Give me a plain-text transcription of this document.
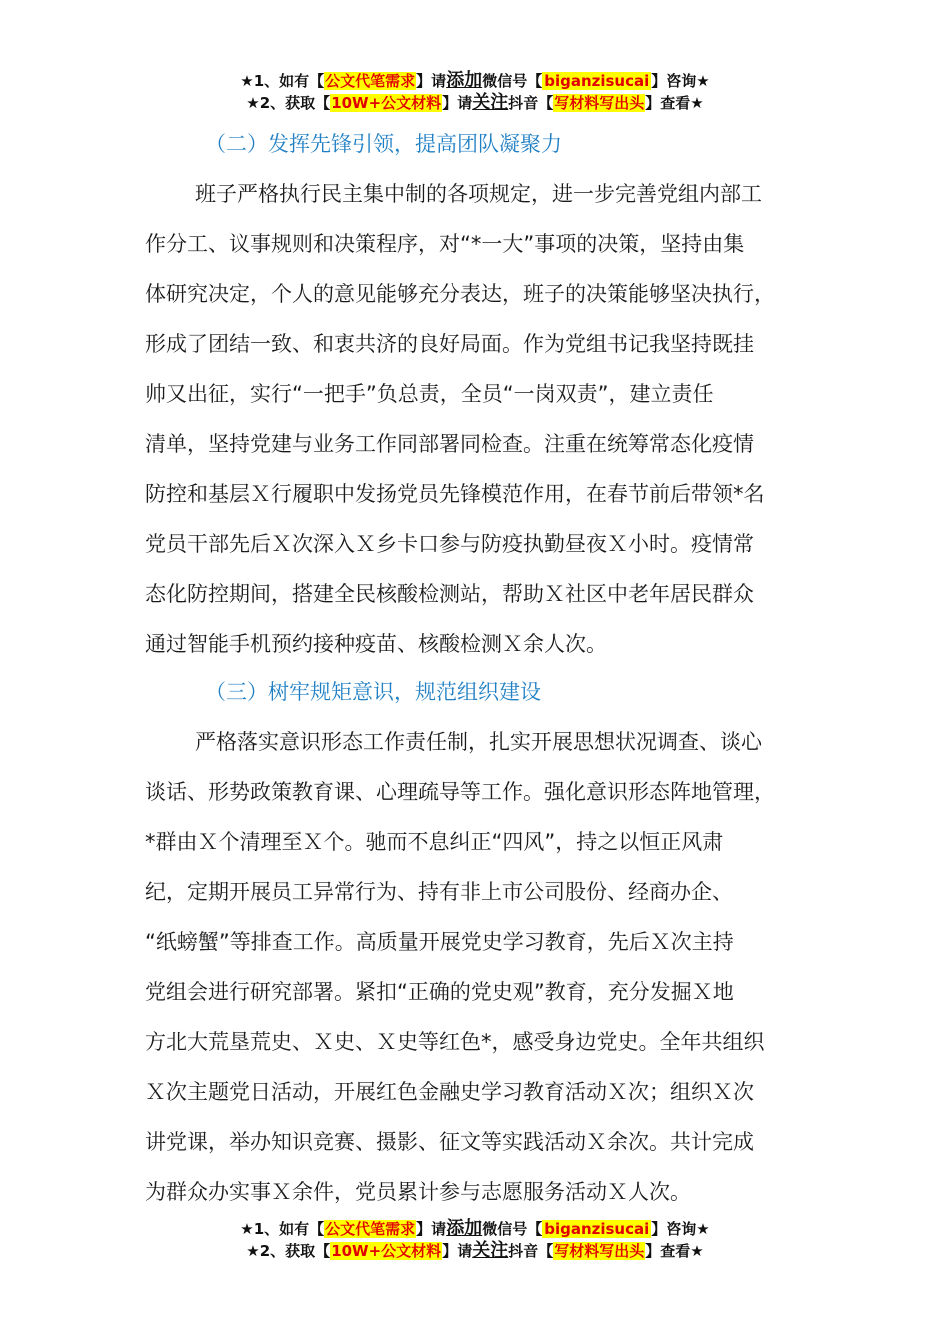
★1、如有【公文代笔需求】请添加微信号【 biganzisucai 】咨询★
★2、获取【10W+公文材料】请关注抖音【写材料写出头】查看★
（二）发挥先锋引领，提高团队凝聚力
班子严格执行民主集中制的各项规定，进一步完善党组内部工
作分工、议事规则和决策程序，对“*一大”事项的决策，坚持由集
体研究决定，个人的意见能够充分表达，班子的决策能够坚决执行，
形成了团结一致、和衷共济的良好局面。作为党组书记我坚持既挂
帅又出征，实行“一把手”负总责，全员“一岗双责”，建立责任
清单，坚持党建与业务工作同部署同检查。注重在统筹常态化疫情
防控和基层Ｘ行履职中发扬党员先锋模范作用，在春节前后带领*名
党员干部先后Ｘ次深入Ｘ乡卡口参与防疫执勤昼夜Ｘ小时。疫情常
态化防控期间，搭建全民核酸检测站，帮助Ｘ社区中老年居民群众
通过智能手机预约接种疫苗、核酸检测Ｘ余人次。
（三）树牢规矩意识，规范组织建设
严格落实意识形态工作责任制，扎实开展思想状况调查、谈心
谈话、形势政策教育课、心理疏导等工作。强化意识形态阵地管理，
*群由Ｘ个清理至Ｘ个。驰而不息纠正“四风”，持之以恒正风肃
纪，定期开展员工异常行为、持有非上市公司股份、经商办企、
“纸螃蟹”等排查工作。高质量开展党史学习教育，先后Ｘ次主持
党组会进行研究部署。紧扣“正确的党史观”教育，充分发掘Ｘ地
方北大荒垦荒史、Ｘ史、Ｘ史等红色*，感受身边党史。全年共组织
Ｘ次主题党日活动，开展红色金融史学习教育活动Ｘ次；组织Ｘ次
讲党课，举办知识竞赛、摄影、征文等实践活动Ｘ余次。共计完成
为群众办实事Ｘ余件，党员累计参与志愿服务活动Ｘ人次。
★1、如有【公文代笔需求】请添加微信号【 biganzisucai 】咨询★
★2、获取【10W+公文材料】请关注抖音【写材料写出头】查看★
